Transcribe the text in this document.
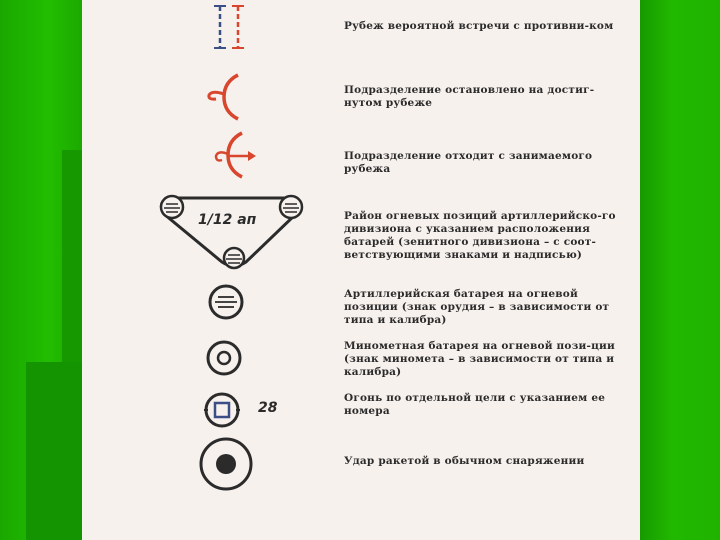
Рубеж вероятной встречи с противни-ком
Подразделение остановлено на достиг-нутом рубеже
Подразделение отходит с занимаемого рубежа
1/12 ап	Район огневых позиций артиллерийско-го дивизиона с указанием расположения батарей (зенитного дивизиона – с соот-ветствующими знаками и надписью)
Артиллерийская батарея на огневой позиции (знак орудия – в зависимости от типа и калибра)
Минометная батарея на огневой пози-ции (знак миномета – в зависимости от типа и калибра)
28
Огонь по отдельной цели с указанием ее номера
Удар ракетой в обычном снаряжении
